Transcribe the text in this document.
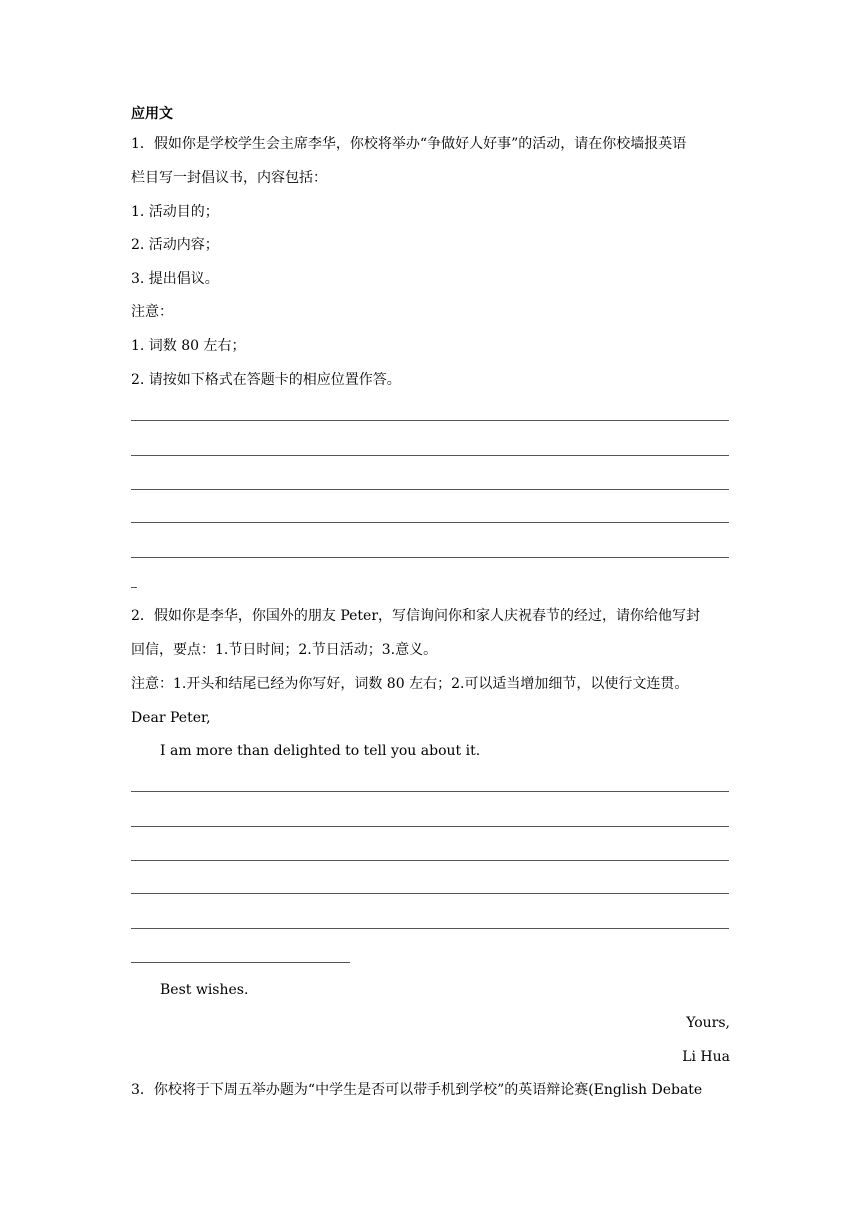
应用文
1．假如你是学校学生会主席李华，你校将举办“争做好人好事”的活动，请在你校墙报英语
栏目写一封倡议书，内容包括：
1. 活动目的；
2. 活动内容；
3. 提出倡议。
注意：
1. 词数 80 左右；
2. 请按如下格式在答题卡的相应位置作答。
2．假如你是李华，你国外的朋友 Peter，写信询问你和家人庆祝春节的经过，请你给他写封
回信，要点：1.节日时间；2.节日活动；3.意义。
注意：1.开头和结尾已经为你写好，词数 80 左右；2.可以适当增加细节，以使行文连贯。
Dear Peter,
I am more than delighted to tell you about it.
Best wishes.
Yours,
Li Hua
3．你校将于下周五举办题为“中学生是否可以带手机到学校”的英语辩论赛(English Debate
